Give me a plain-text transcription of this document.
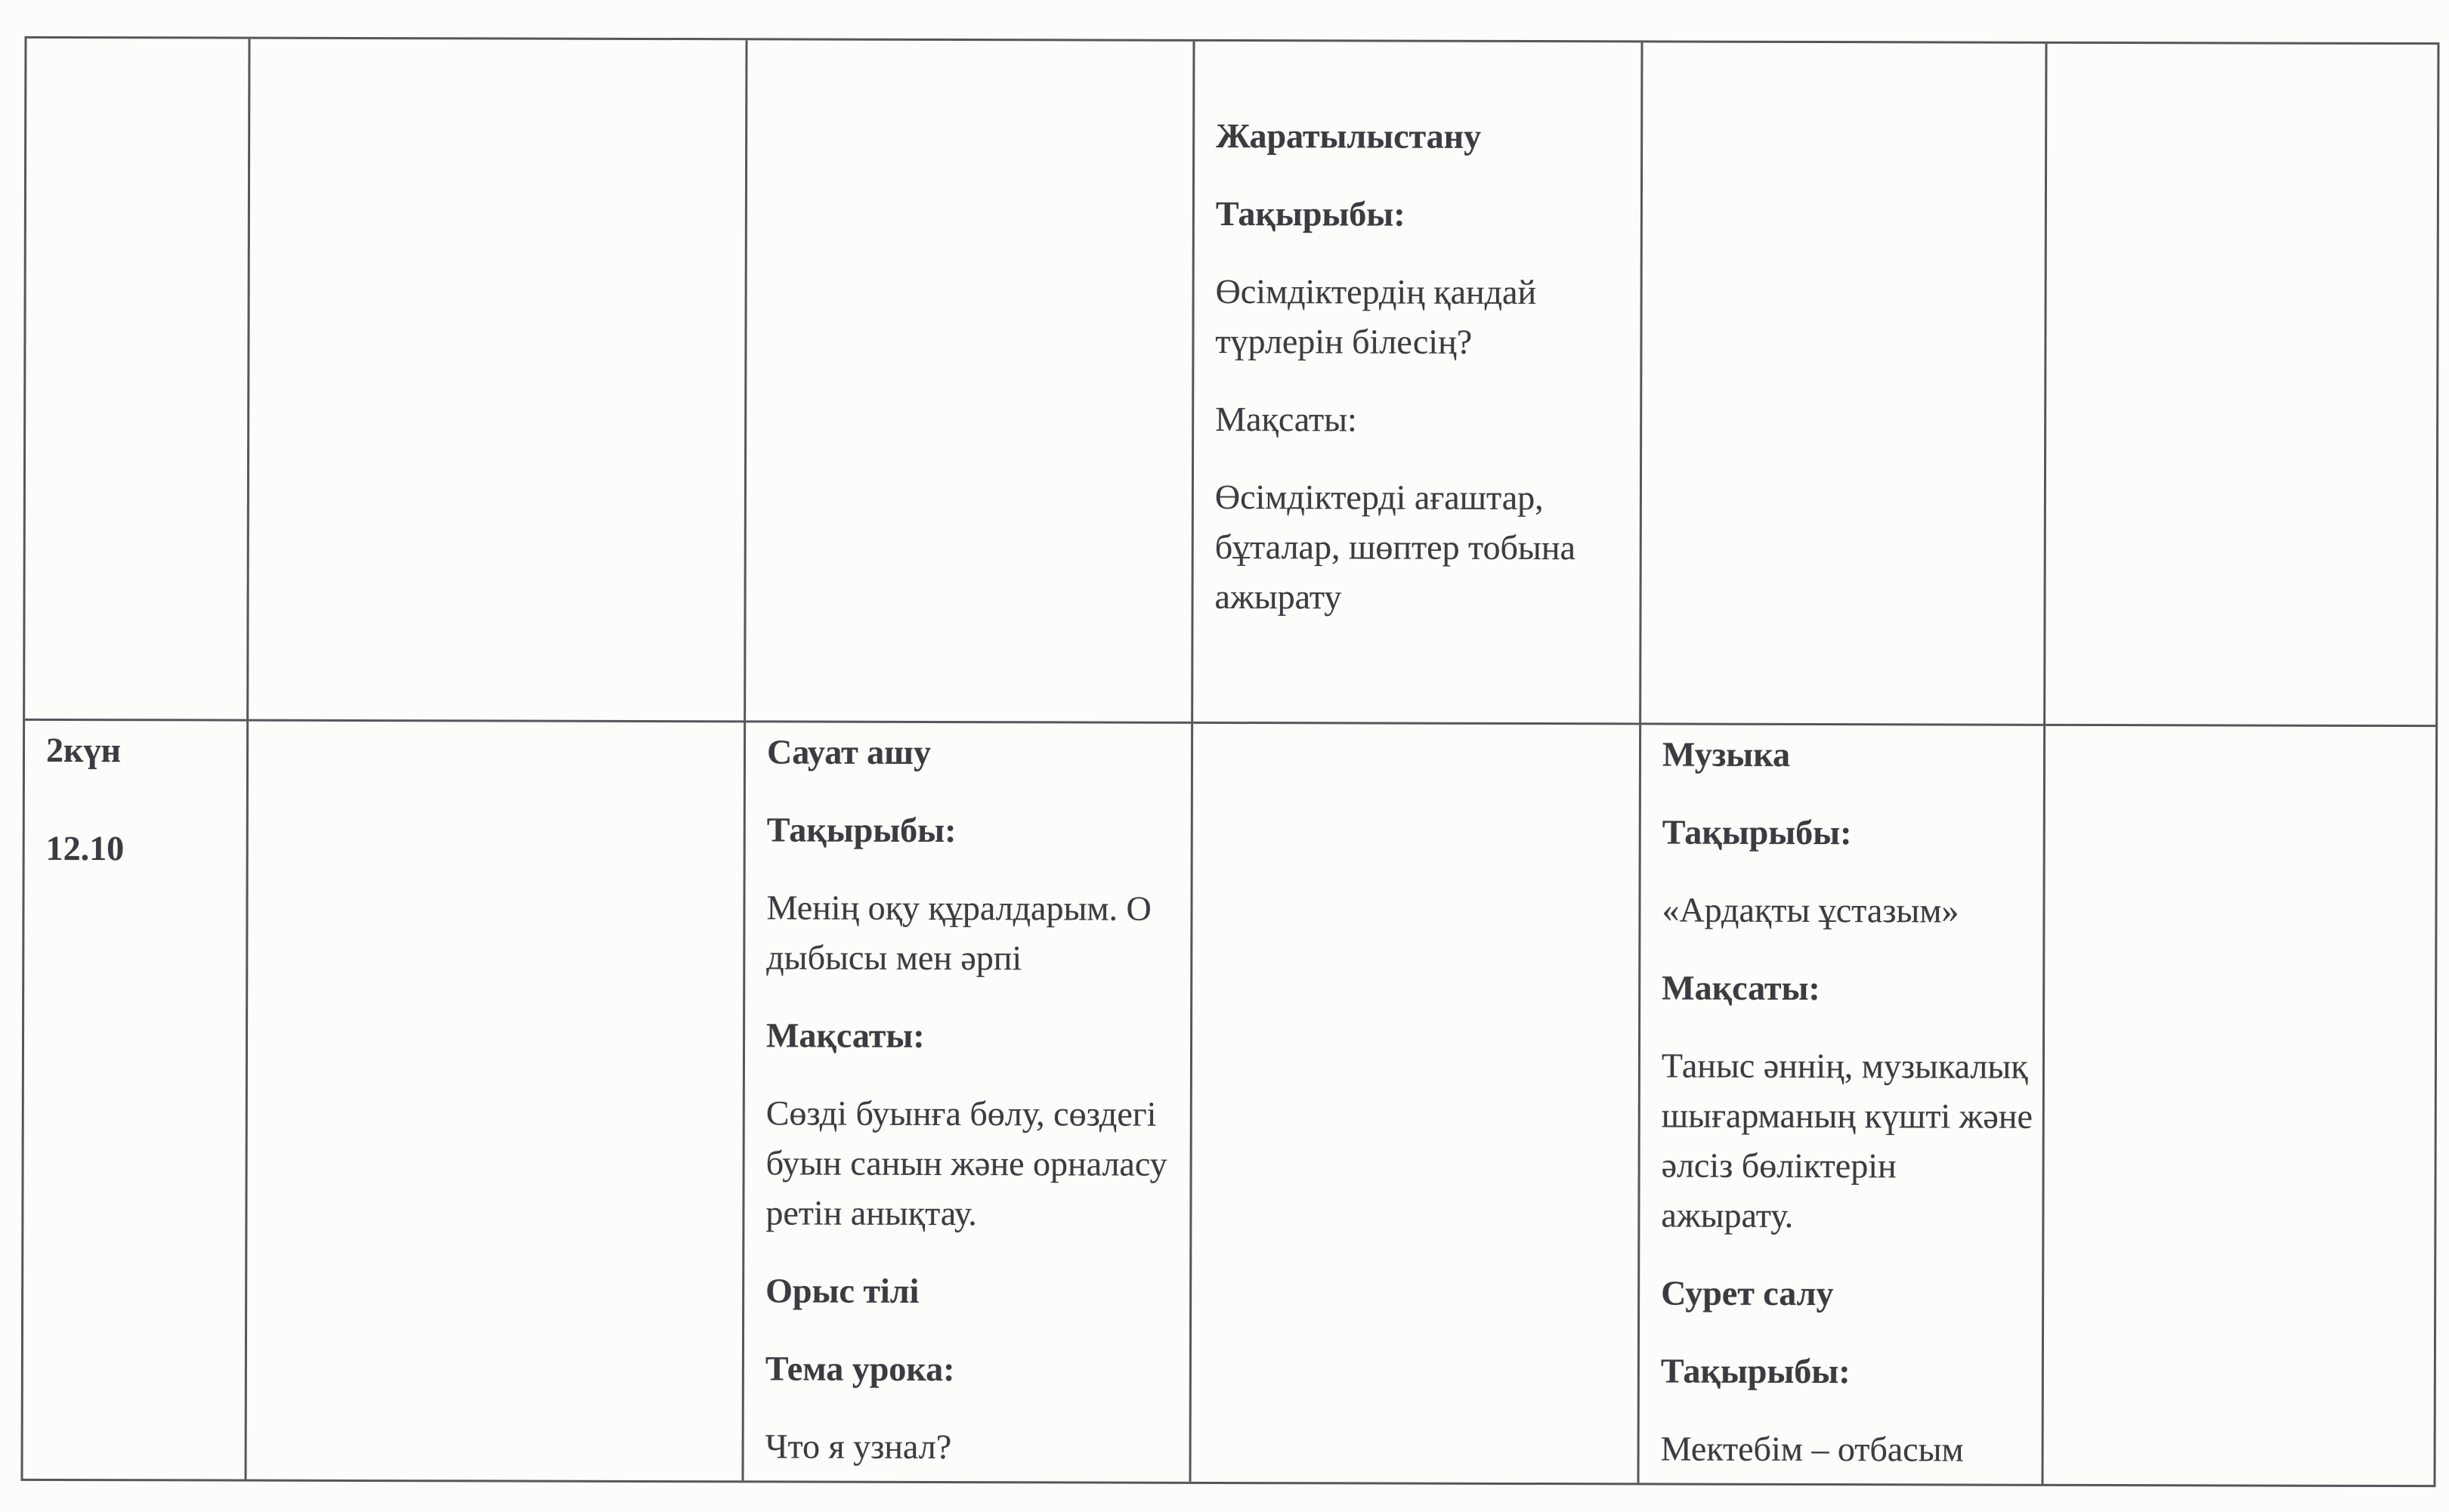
Жаратылыстану

Тақырыбы:

Өсімдіктердің қандай түрлерін білесің?

Мақсаты:

Өсімдіктерді ағаштар, бұталар, шөптер тобына ажырату

2күн

12.10

Сауат ашу

Тақырыбы:

Менің оқу құралдарым. О дыбысы мен әрпі

Мақсаты:

Сөзді буынға бөлу, сөздегі буын санын және орналасу ретін анықтау.

Орыс тілі

Тема урока:

Что я узнал?

Музыка

Тақырыбы:

«Ардақты ұстазым»

Мақсаты:

Таныс әннің, музыкалық шығарманың күшті және әлсіз бөліктерін ажырату.

Сурет салу

Тақырыбы:

Мектебім – отбасым
